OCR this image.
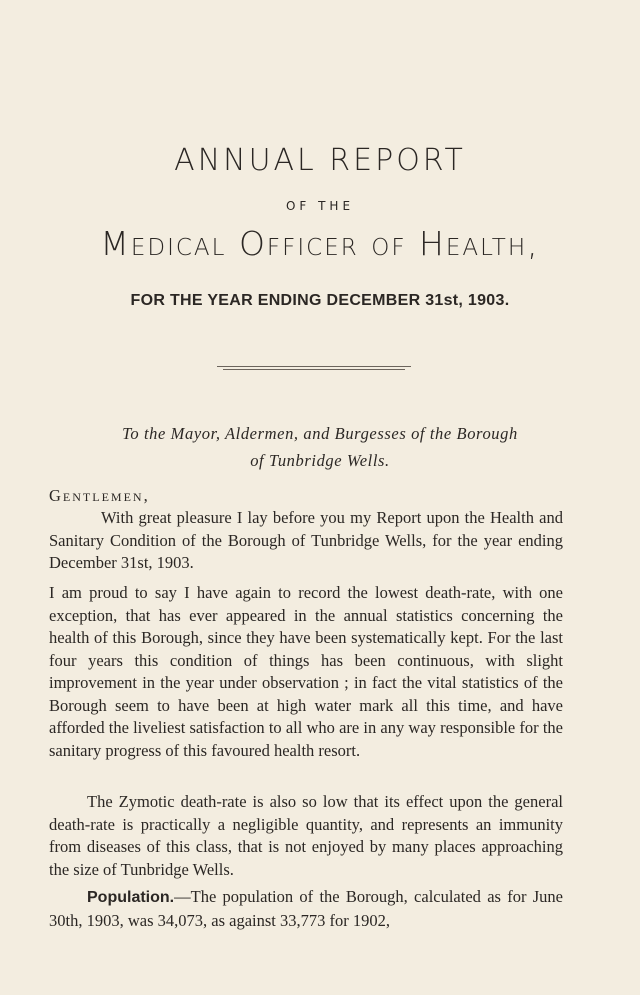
ANNUAL REPORT
OF THE
Medical Officer of Health,
FOR THE YEAR ENDING DECEMBER 31st, 1903.
To the Mayor, Aldermen, and Burgesses of the Borough
of Tunbridge Wells.
Gentlemen,
With great pleasure I lay before you my Report upon the Health and Sanitary Condition of the Borough of Tunbridge Wells, for the year ending December 31st, 1903.
I am proud to say I have again to record the lowest death-rate, with one exception, that has ever appeared in the annual statistics concerning the health of this Borough, since they have been systematically kept. For the last four years this condition of things has been continuous, with slight improvement in the year under observation ; in fact the vital statistics of the Borough seem to have been at high water mark all this time, and have afforded the liveliest satisfaction to all who are in any way responsible for the sanitary progress of this favoured health resort.
The Zymotic death-rate is also so low that its effect upon the general death-rate is practically a negligible quantity, and represents an immunity from diseases of this class, that is not enjoyed by many places approaching the size of Tunbridge Wells.
Population.—The population of the Borough, calculated as for June 30th, 1903, was 34,073, as against 33,773 for 1902,
